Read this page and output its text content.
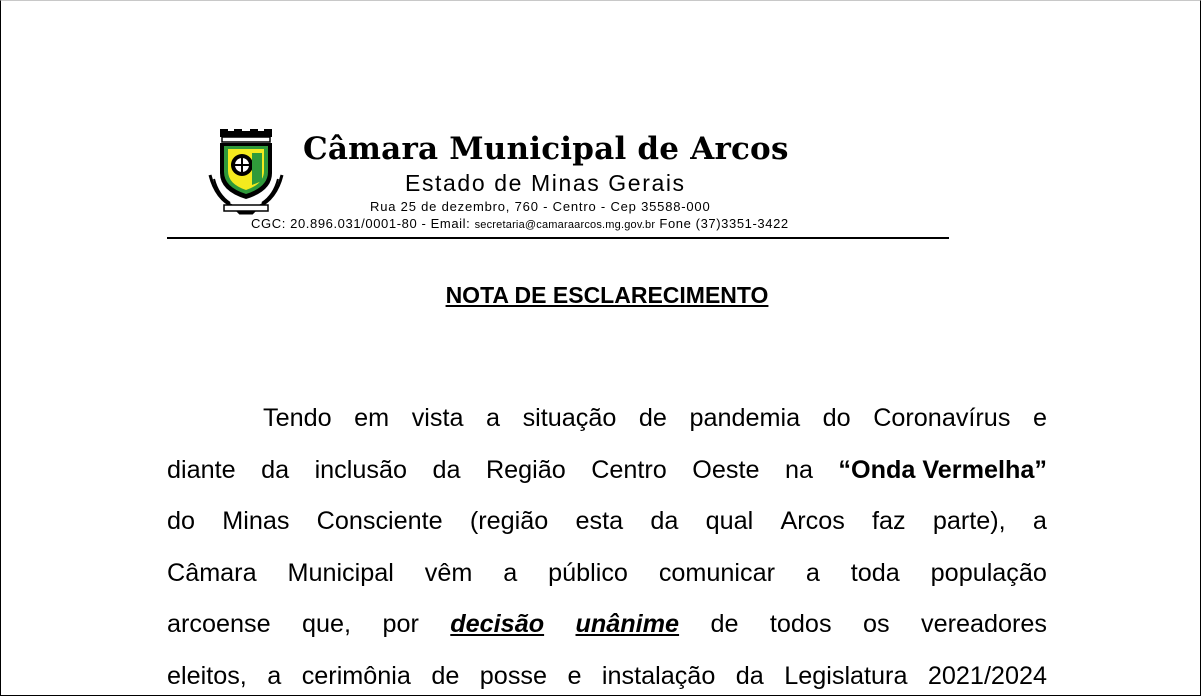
Câmara Municipal de Arcos
Estado de Minas Gerais
Rua 25 de dezembro, 760 - Centro - Cep 35588-000
CGC: 20.896.031/0001-80 - Email: secretaria@camaraarcos.mg.gov.br Fone (37)3351-3422
NOTA DE ESCLARECIMENTO
Tendo em vista a situação de pandemia do Coronavírus e
diante da inclusão da Região Centro Oeste na “Onda Vermelha”
do Minas Consciente (região esta da qual Arcos faz parte), a
Câmara Municipal vêm a público comunicar a toda população
arcoense que, por decisão unânime de todos os vereadores
eleitos, a cerimônia de posse e instalação da Legislatura 2021/2024
